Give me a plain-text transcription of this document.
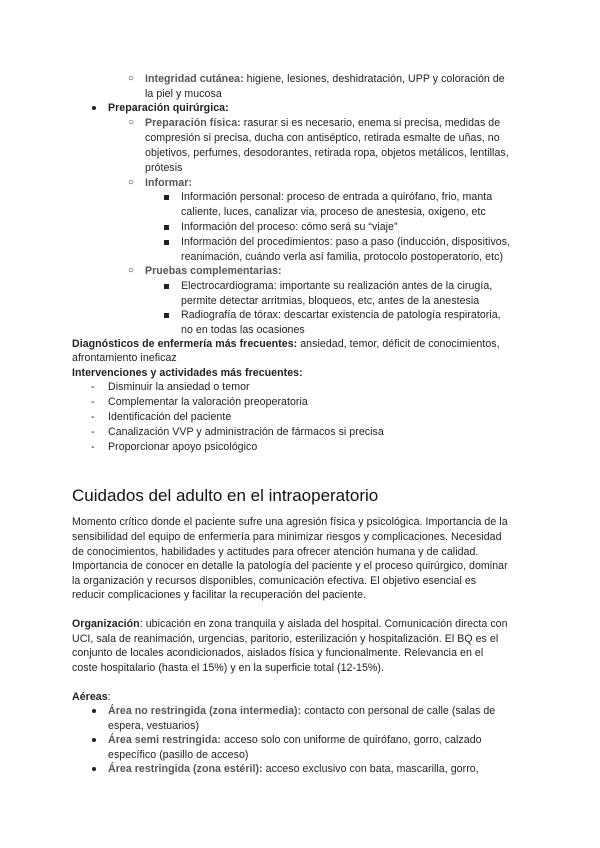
○ Integridad cutánea: higiene, lesiones, deshidratación, UPP y coloración de
la piel y mucosa
Preparación quirúrgica:
○ Preparación física: rasurar si es necesario, enema si precisa, medidas de
compresión si precisa, ducha con antiséptico, retirada esmalte de uñas, no
objetivos, perfumes, desodorantes, retirada ropa, objetos metálicos, lentillas,
prótesis
○ Informar:
Información personal: proceso de entrada a quirófano, frio, manta
caliente, luces, canalizar via, proceso de anestesia, oxigeno, etc
Información del proceso: cómo será su “viaje”
Información del procedimientos: paso a paso (inducción, dispositivos,
reanimación, cuándo verla así familia, protocolo postoperatorio, etc)
○ Pruebas complementarias:
Electrocardiograma: importante su realización antes de la cirugía,
permite detectar arritmias, bloqueos, etc, antes de la anestesia
Radiografía de tórax: descartar existencia de patología respiratoria,
no en todas las ocasiones
Diagnósticos de enfermería más frecuentes: ansiedad, temor, déficit de conocimientos,
afrontamiento ineficaz
Intervenciones y actividades más frecuentes:
- Disminuir la ansiedad o temor
- Complementar la valoración preoperatoria
- Identificación del paciente
- Canalización VVP y administración de fármacos si precisa
- Proporcionar apoyo psicológico
Cuidados del adulto en el intraoperatorio
Momento crítico donde el paciente sufre una agresión física y psicológica. Importancia de la
sensibilidad del equipo de enfermería para minimizar riesgos y complicaciones. Necesidad
de conocimientos, habilidades y actitudes para ofrecer atención humana y de calidad.
Importancia de conocer en detalle la patología del paciente y el proceso quirúrgico, dominar
la organización y recursos disponibles, comunicación efectiva. El objetivo esencial es
reducir complicaciones y facilitar la recuperación del paciente.
Organización: ubicación en zona tranquila y aislada del hospital. Comunicación directa con
UCI, sala de reanimación, urgencias, paritorio, esterilización y hospitalización. El BQ es el
conjunto de locales acondicionados, aislados física y funcionalmente. Relevancia en el
coste hospitalario (hasta el 15%) y en la superficie total (12-15%).
Aéreas:
Área no restringida (zona intermedia): contacto con personal de calle (salas de
espera, vestuarios)
Área semi restringida: acceso solo con uniforme de quirófano, gorro, calzado
específico (pasillo de acceso)
Área restringida (zona estéril): acceso exclusivo con bata, mascarilla, gorro,
